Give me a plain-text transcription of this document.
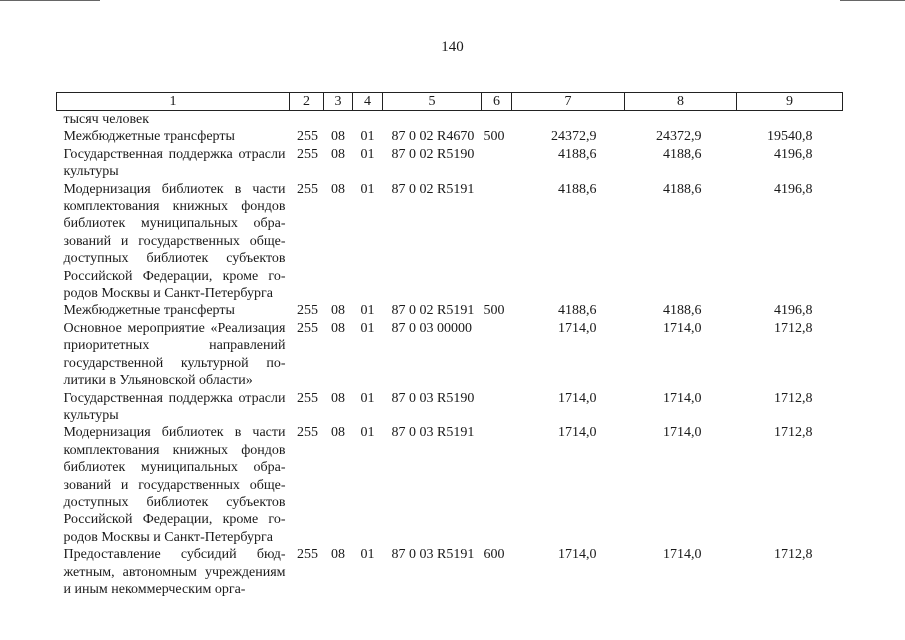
140
1	2	3	4	5	6	7	8	9
тысяч человек								
Межбюджетные трансферты	255	08	01	87 0 02 R4670	500	24372,9	24372,9	19540,8
Государственная поддержка отрасли культуры	255	08	01	87 0 02 R5190		4188,6	4188,6	4196,8
Модернизация библиотек в части комплектования книжных фондов библиотек муниципальных образований и государственных общедоступных библиотек субъектов Российской Федерации, кроме городов Москвы и Санкт-Петербурга	255	08	01	87 0 02 R5191		4188,6	4188,6	4196,8
Межбюджетные трансферты	255	08	01	87 0 02 R5191	500	4188,6	4188,6	4196,8
Основное мероприятие «Реализация приоритетных направлений государственной культурной политики в Ульяновской области»	255	08	01	87 0 03 00000		1714,0	1714,0	1712,8
Государственная поддержка отрасли культуры	255	08	01	87 0 03 R5190		1714,0	1714,0	1712,8
Модернизация библиотек в части комплектования книжных фондов библиотек муниципальных образований и государственных общедоступных библиотек субъектов Российской Федерации, кроме городов Москвы и Санкт-Петербурга	255	08	01	87 0 03 R5191		1714,0	1714,0	1712,8
Предоставление субсидий бюджетным, автономным учреждениям и иным некоммерческим орга-	255	08	01	87 0 03 R5191	600	1714,0	1714,0	1712,8
